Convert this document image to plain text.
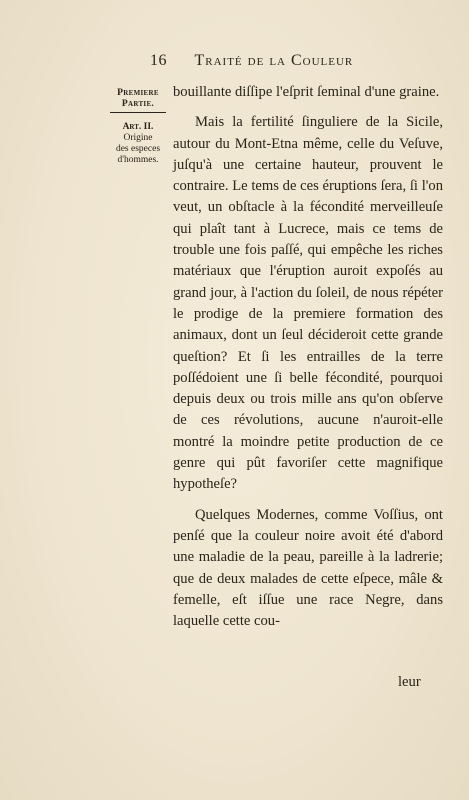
16 Traité de la Couleur
Premiere
Partie.
Art. II.
Origine
des especes
d'hommes.

bouillante diſſipe l'eſprit ſeminal d'une graine.

Mais la fertilité ſinguliere de la Sicile, autour du Mont-Etna même, celle du Veſuve, juſqu'à une certaine hauteur, prouvent le contraire. Le tems de ces éruptions ſera, ſi l'on veut, un obſtacle à la fécondité merveilleuſe qui plaît tant à Lucrece, mais ce tems de trouble une fois paſſé, qui empêche les riches matériaux que l'éruption auroit expoſés au grand jour, à l'action du ſoleil, de nous répéter le prodige de la premiere formation des animaux, dont un ſeul décideroit cette grande queſtion? Et ſi les entrailles de la terre poſſédoient une ſi belle fécondité, pourquoi depuis deux ou trois mille ans qu'on obſerve de ces révolutions, aucune n'auroit-elle montré la moindre petite production de ce genre qui pût favoriſer cette magnifique hypotheſe?

Quelques Modernes, comme Voſſius, ont penſé que la couleur noire avoit été d'abord une maladie de la peau, pareille à la ladrerie; que de deux malades de cette eſpece, mâle & femelle, eſt iſſue une race Negre, dans laquelle cette cou-

leur
